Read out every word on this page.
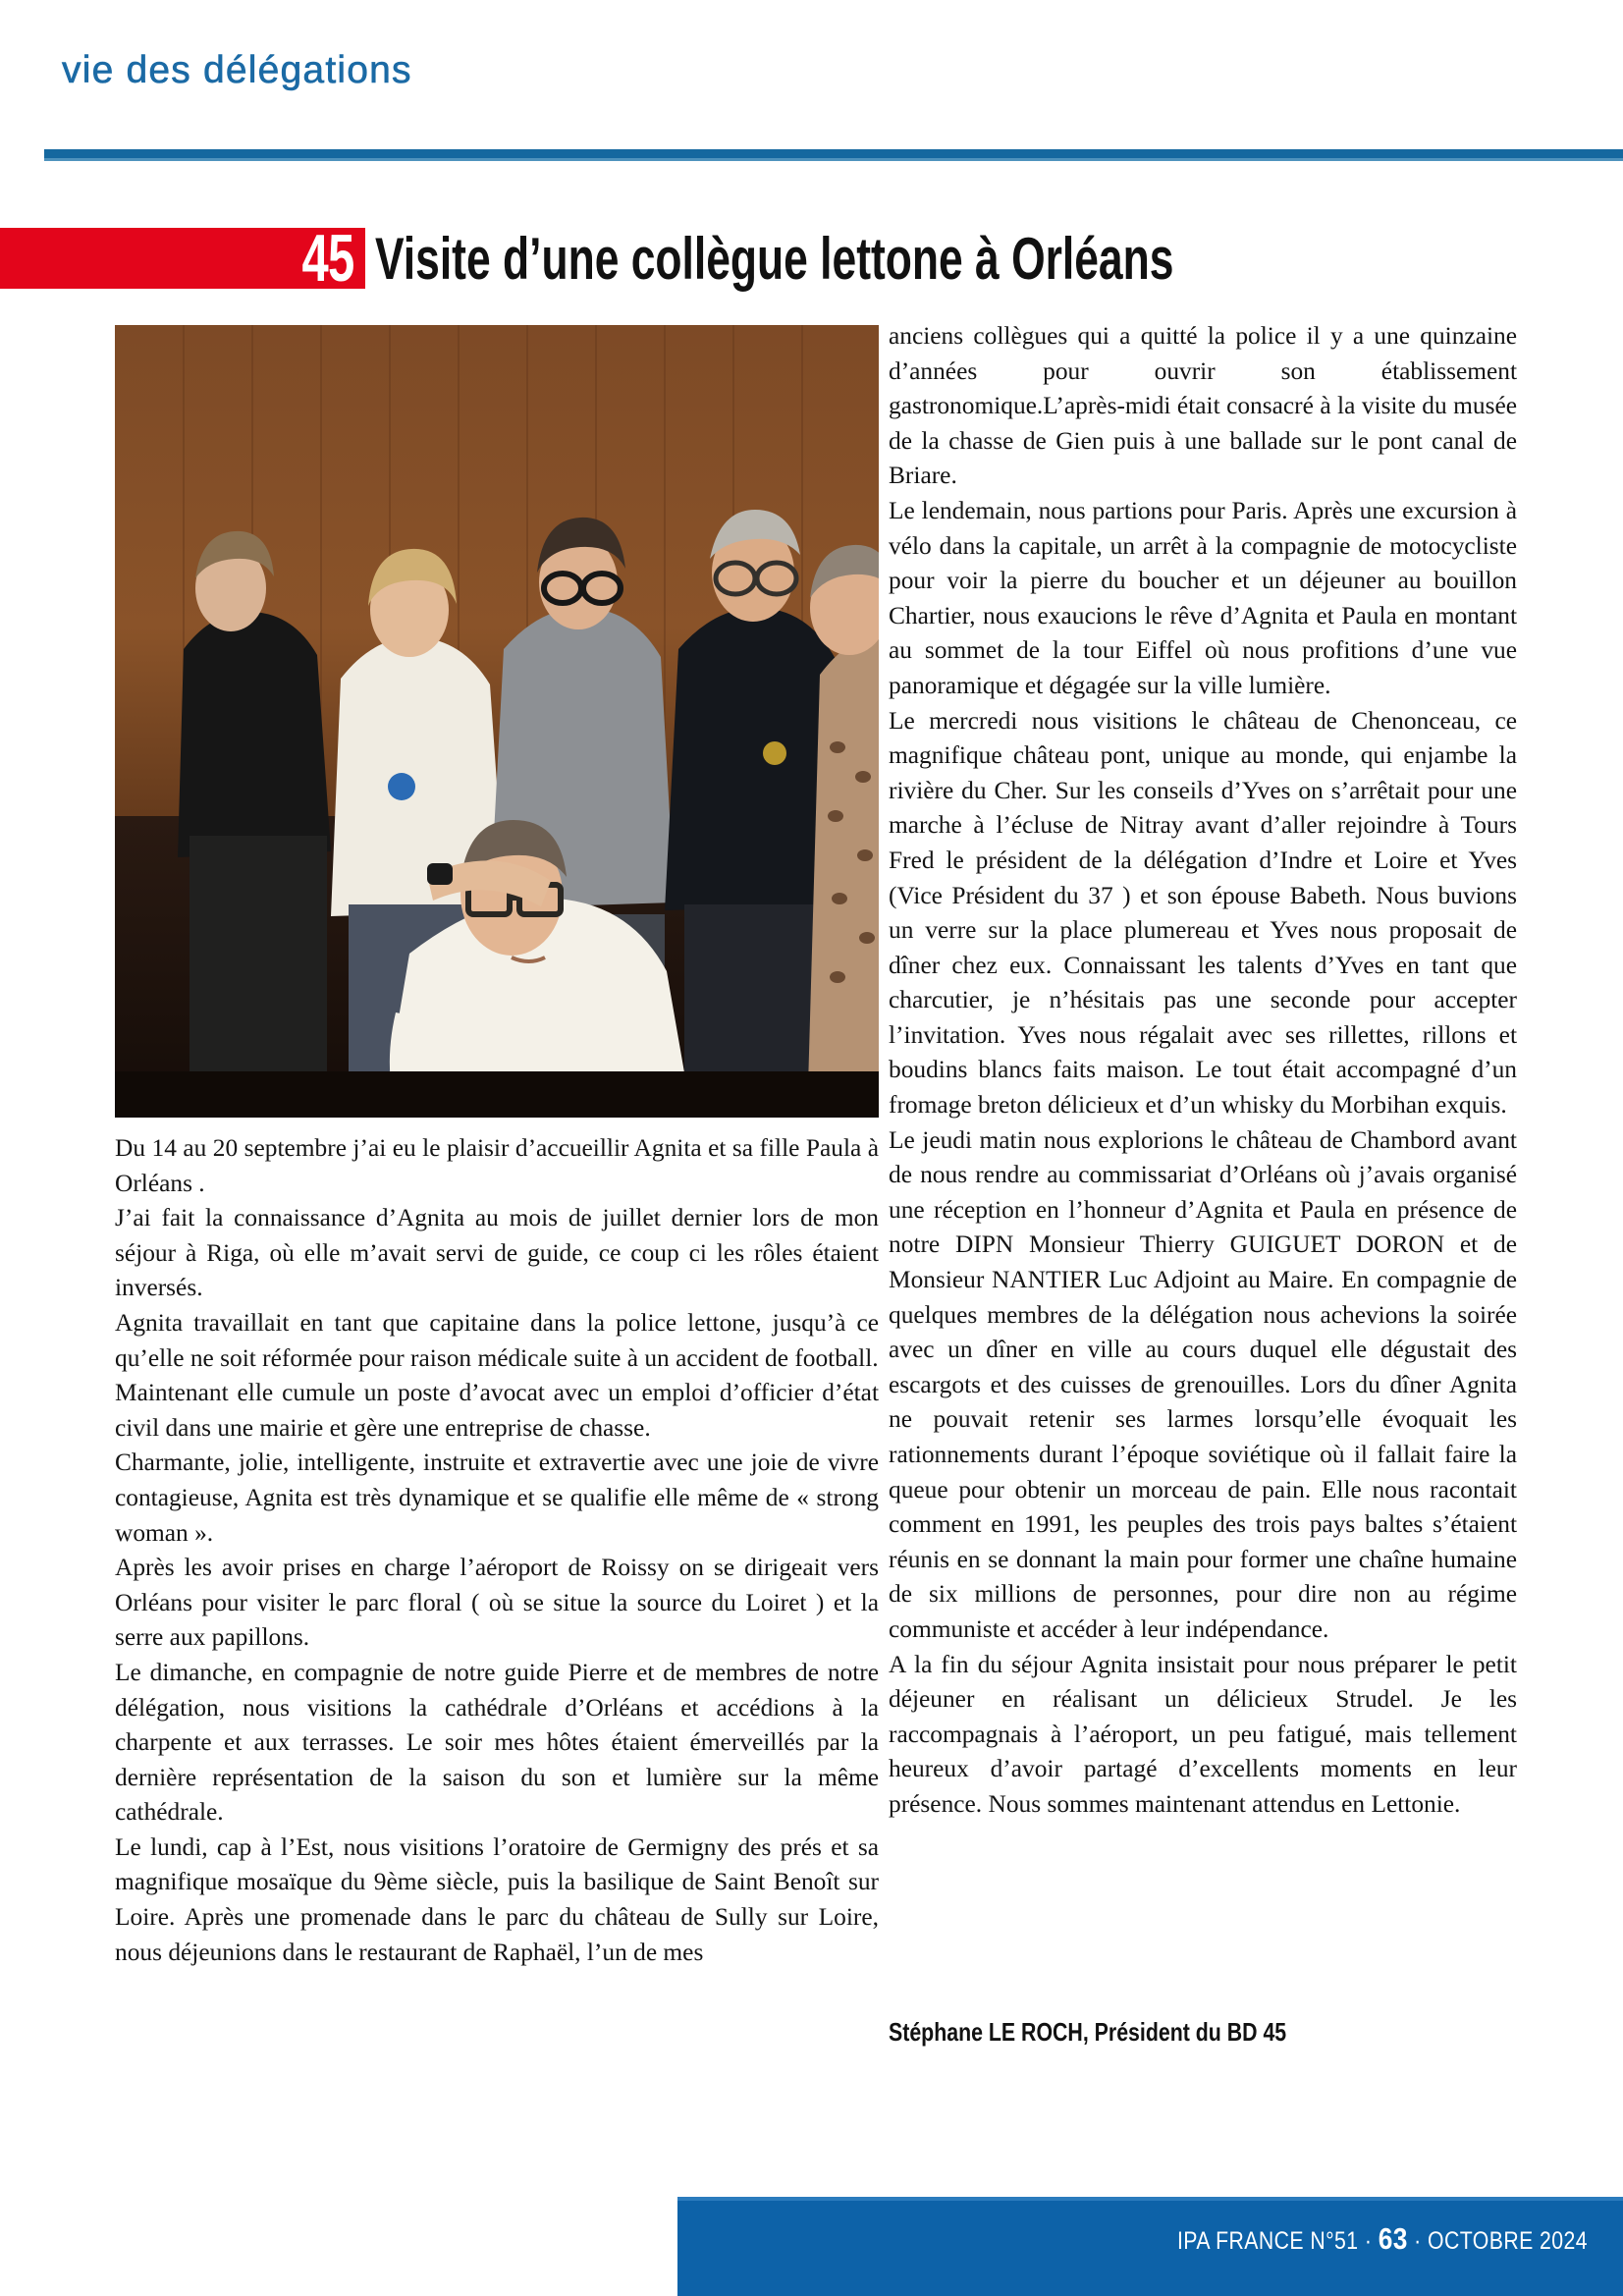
vie des délégations
45 Visite d’une collègue lettone à Orléans

Du 14 au 20 septembre j’ai eu le plaisir d’accueillir Agnita et sa fille Paula à Orléans .

J’ai fait la connaissance d’Agnita au mois de juillet dernier lors de mon séjour à Riga, où elle m’avait servi de guide, ce coup ci les rôles étaient inversés.

Agnita travaillait en tant que capitaine dans la police lettone, jusqu’à ce qu’elle ne soit réformée pour raison médicale suite à un accident de football.

Maintenant elle cumule un poste d’avocat avec un emploi d’officier d’état civil dans une mairie et gère une entreprise de chasse.

Charmante, jolie, intelligente, instruite et extravertie avec une joie de vivre contagieuse, Agnita est très dynamique et se qualifie elle même de « strong woman ».

Après les avoir prises en charge l’aéroport de Roissy on se dirigeait vers Orléans pour visiter le parc floral ( où se situe la source du Loiret ) et la serre aux papillons.

Le dimanche, en compagnie de notre guide Pierre et de membres de notre délégation, nous visitions la cathédrale d’Orléans et accédions à la charpente et aux terrasses. Le soir mes hôtes étaient émerveillés par la dernière représentation de la saison du son et lumière sur la même cathédrale.

Le lundi, cap à l’Est, nous visitions l’oratoire de Germigny des prés et sa magnifique mosaïque du 9ème siècle, puis la basilique de Saint Benoît sur Loire. Après une promenade dans le parc du château de Sully sur Loire, nous déjeunions dans le restaurant de Raphaël, l’un de mes

anciens collègues qui a quitté la police il y a une quinzaine d’années pour ouvrir son établissement gastronomique.L’après-midi était consacré à la visite du musée de la chasse de Gien puis à une ballade sur le pont canal de Briare.

Le lendemain, nous partions pour Paris. Après une excursion à vélo dans la capitale, un arrêt à la compagnie de motocycliste pour voir la pierre du boucher et un déjeuner au bouillon Chartier, nous exaucions le rêve d’Agnita et Paula en montant au sommet de la tour Eiffel où nous profitions d’une vue panoramique et dégagée sur la ville lumière.

Le mercredi nous visitions le château de Chenonceau, ce magnifique château pont, unique au monde, qui enjambe la rivière du Cher. Sur les conseils d’Yves on s’arrêtait pour une marche à l’écluse de Nitray avant d’aller rejoindre à Tours Fred le président de la délégation d’Indre et Loire et Yves (Vice Président du 37 ) et son épouse Babeth. Nous buvions un verre sur la place plumereau et Yves nous proposait de dîner chez eux. Connaissant les talents d’Yves en tant que charcutier, je n’hésitais pas une seconde pour accepter l’invitation. Yves nous régalait avec ses rillettes, rillons et boudins blancs faits maison. Le tout était accompagné d’un fromage breton délicieux et d’un whisky du Morbihan exquis.

Le jeudi matin nous explorions le château de Chambord avant de nous rendre au commissariat d’Orléans où j’avais organisé une réception en l’honneur d’Agnita et Paula en présence de notre DIPN Monsieur Thierry GUIGUET DORON et de Monsieur NANTIER Luc Adjoint au Maire. En compagnie de quelques membres de la délégation nous achevions la soirée avec un dîner en ville au cours duquel elle dégustait des escargots et des cuisses de grenouilles. Lors du dîner Agnita ne pouvait retenir ses larmes lorsqu’elle évoquait les rationnements durant l’époque soviétique où il fallait faire la queue pour obtenir un morceau de pain. Elle nous racontait comment en 1991, les peuples des trois pays baltes s’étaient réunis en se donnant la main pour former une chaîne humaine de six millions de personnes, pour dire non au régime communiste et accéder à leur indépendance.

A la fin du séjour Agnita insistait pour nous préparer le petit déjeuner en réalisant un délicieux Strudel. Je les raccompagnais à l’aéroport, un peu fatigué, mais tellement heureux d’avoir partagé d’excellents moments en leur présence. Nous sommes maintenant attendus en Lettonie.

Stéphane LE ROCH, Président du BD 45
IPA FRANCE N°51 · 63 · OCTOBRE 2024
